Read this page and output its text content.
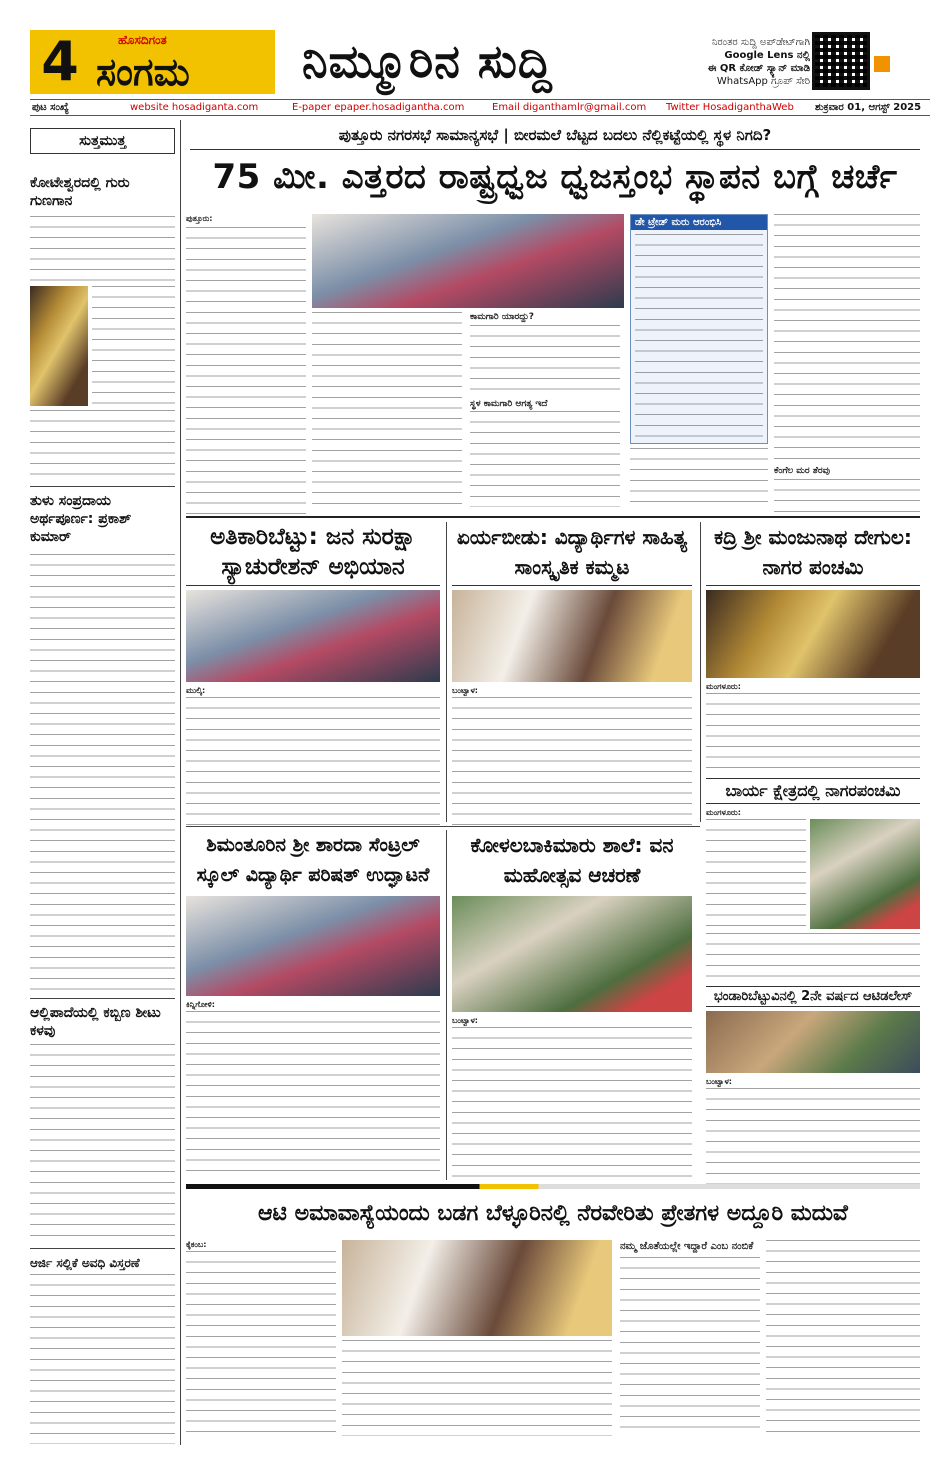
4	ಹೊಸದಿಗಂತ
ಸಂಗಮ ನಿಮ್ಮೂರಿನ ಸುದ್ದಿ	ನಿರಂತರ ಸುದ್ದಿ ಅಪ್‌ಡೇಟ್‌ಗಾಗಿ
Google Lens ನಲ್ಲಿ
ಈ QR ಕೋಡ್ ಸ್ಕ್ಯಾನ್ ಮಾಡಿ
WhatsApp ಗ್ರೂಪ್ ಸೇರಿ
ಪುಟ ಸಂಖ್ಯೆ	website hosadiganta.com	E-paper epaper.hosadigantha.com	Email diganthamlr@gmail.com Twitter HosadiganthaWeb ಶುಕ್ರವಾರ 01, ಆಗಸ್ಟ್ 2025
ಸುತ್ತಮುತ್ತ
ಕೋಟೇಶ್ವರದಲ್ಲಿ ಗುರು ಗುಣಗಾನ
ತುಳು ಸಂಪ್ರದಾಯ ಅರ್ಥಪೂರ್ಣ: ಪ್ರಕಾಶ್ ಕುಮಾರ್
ಆಲ್ಲಿಪಾದೆಯಲ್ಲಿ ಕಬ್ಬಿಣ ಶೀಟು ಕಳವು
ಆರ್ಜಿ ಸಲ್ಲಿಕೆ ಅವಧಿ ವಿಸ್ತರಣೆ
ಪುತ್ತೂರು ನಗರಸಭೆ ಸಾಮಾನ್ಯಸಭೆ | ಬೀರಮಲೆ ಬೆಟ್ಟದ ಬದಲು ನೆಲ್ಲಿಕಟ್ಟೆಯಲ್ಲಿ ಸ್ಥಳ ನಿಗದಿ?
75 ಮೀ. ಎತ್ತರದ ರಾಷ್ಟ್ರಧ್ವಜ ಧ್ವಜಸ್ತಂಭ ಸ್ಥಾಪನ ಬಗ್ಗೆ ಚರ್ಚೆ
ಪುತ್ತೂರು:
ಕಾಮಗಾರಿ ಯಾರದ್ದು?
ಸ್ಥಳ ಕಾಮಗಾರಿ ಆಗತ್ಯ ಇದೆ
ಡೇ ಟ್ರೇಡ್ ಮರು ಆರಂಭಿಸಿ
ಕೆಂಗೆಲ ಮರ ತೆರವು
ಅತಿಕಾರಿಬೆಟ್ಟು: ಜನ ಸುರಕ್ಷಾ ಸ್ಯಾಚುರೇಶನ್ ಅಭಿಯಾನ
ಮುಲ್ಕಿ:
ಏರ್ಯಬೀಡು: ವಿದ್ಯಾರ್ಥಿಗಳ ಸಾಹಿತ್ಯ ಸಾಂಸ್ಕೃತಿಕ ಕಮ್ಮಟ
ಬಂಟ್ವಾಳ:
ಕದ್ರಿ ಶ್ರೀ ಮಂಜುನಾಥ ದೇಗುಲ: ನಾಗರ ಪಂಚಮಿ
ಮಂಗಳೂರು:
ಬಾರ್ಯ ಕ್ಷೇತ್ರದಲ್ಲಿ ನಾಗರಪಂಚಮಿ
ಮಂಗಳೂರು:
ಭಂಡಾರಿಬೆಟ್ಟುವಿನಲ್ಲಿ 2ನೇ ವರ್ಷದ ಆಟಿಡಲೇಸ್
ಬಂಟ್ವಾಳ:
ಶಿಮಂತೂರಿನ ಶ್ರೀ ಶಾರದಾ ಸೆಂಟ್ರಲ್ ಸ್ಕೂಲ್ ವಿದ್ಯಾರ್ಥಿ ಪರಿಷತ್ ಉದ್ಘಾಟನೆ
ಕಿನ್ನಿಗೋಳಿ:
ಕೋಳಲಬಾಕಿಮಾರು ಶಾಲೆ: ವನ ಮಹೋತ್ಸವ ಆಚರಣೆ
ಬಂಟ್ವಾಳ:
ಆಟಿ ಅಮಾವಾಸ್ಯೆಯಂದು ಬಡಗ ಬೆಳ್ಳೂರಿನಲ್ಲಿ ನೆರವೇರಿತು ಪ್ರೇತಗಳ ಅದ್ದೂರಿ ಮದುವೆ
ಕೈಕಂಬ:	ನಮ್ಮ ಜೊತೆಯಲ್ಲೇ ಇದ್ದಾರೆ ಎಂಬ ನಂಬಿಕೆ
